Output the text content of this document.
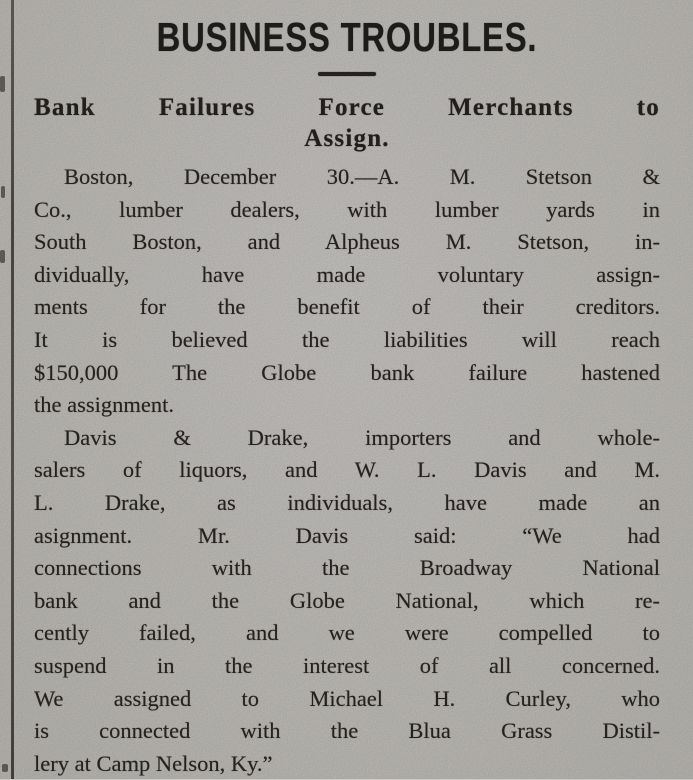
BUSINESS TROUBLES.
Bank Failures Force Merchants to
Assign.
Boston, December 30.—A. M. Stetson &
Co., lumber dealers, with lumber yards in
South Boston, and Alpheus M. Stetson, in-
dividually, have made voluntary assign-
ments for the benefit of their creditors.
It is believed the liabilities will reach
$150,000 The Globe bank failure hastened
the assignment.
Davis & Drake, importers and whole-
salers of liquors, and W. L. Davis and M.
L. Drake, as individuals, have made an
asignment. Mr. Davis said: “We had
connections with the Broadway National
bank and the Globe National, which re-
cently failed, and we were compelled to
suspend in the interest of all concerned.
We assigned to Michael H. Curley, who
is connected with the Blua Grass Distil-
lery at Camp Nelson, Ky.”
